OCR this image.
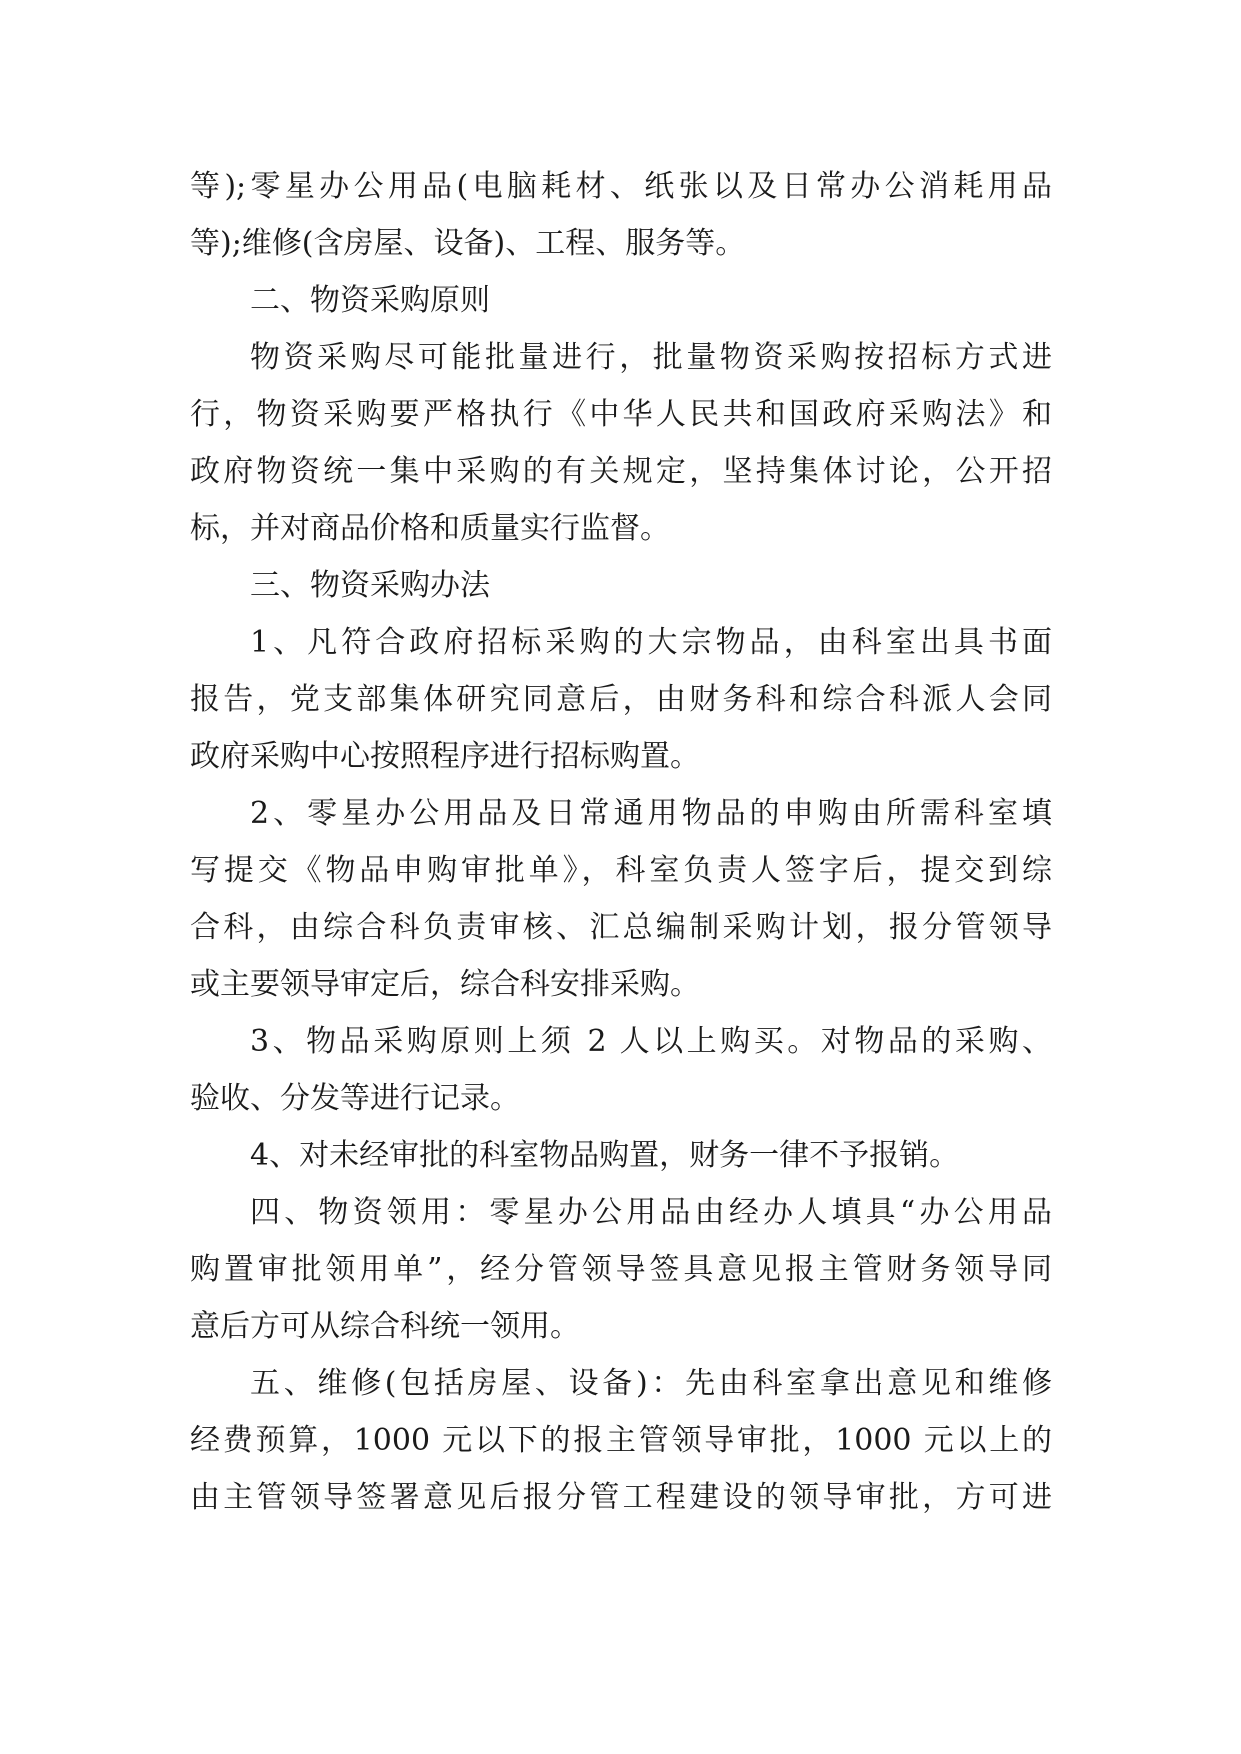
等);零星办公用品(电脑耗材、纸张以及日常办公消耗用品
等);维修(含房屋、设备)、工程、服务等。
二、物资采购原则
物资采购尽可能批量进行，批量物资采购按招标方式进
行，物资采购要严格执行《中华人民共和国政府采购法》和
政府物资统一集中采购的有关规定，坚持集体讨论，公开招
标，并对商品价格和质量实行监督。
三、物资采购办法
1、凡符合政府招标采购的大宗物品，由科室出具书面
报告，党支部集体研究同意后，由财务科和综合科派人会同
政府采购中心按照程序进行招标购置。
2、零星办公用品及日常通用物品的申购由所需科室填
写提交《物品申购审批单》，科室负责人签字后，提交到综
合科，由综合科负责审核、汇总编制采购计划，报分管领导
或主要领导审定后，综合科安排采购。
3、物品采购原则上须 2 人以上购买。对物品的采购、
验收、分发等进行记录。
4、对未经审批的科室物品购置，财务一律不予报销。
四、物资领用：零星办公用品由经办人填具“办公用品
购置审批领用单”，经分管领导签具意见报主管财务领导同
意后方可从综合科统一领用。
五、维修(包括房屋、设备)：先由科室拿出意见和维修
经费预算，1000 元以下的报主管领导审批，1000 元以上的
由主管领导签署意见后报分管工程建设的领导审批，方可进
